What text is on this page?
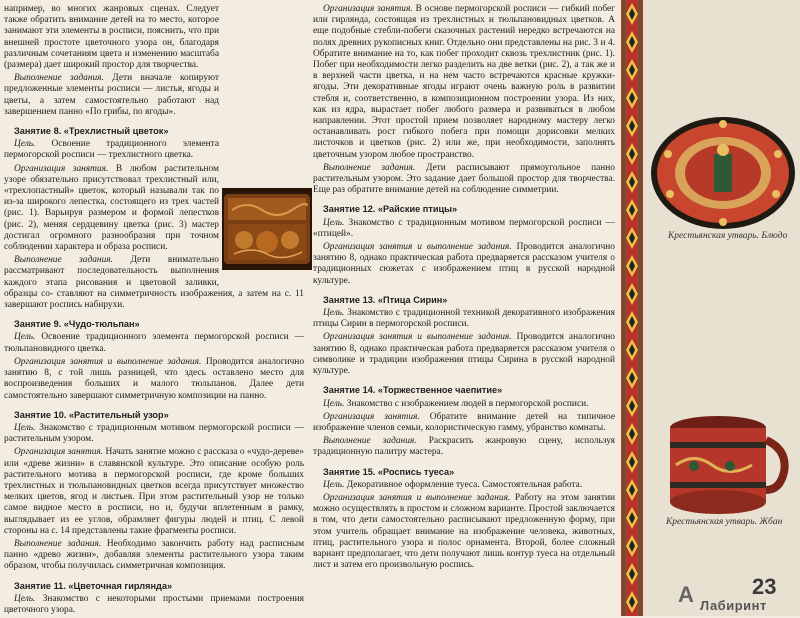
например, во многих жанровых сценах. Следует также обратить внимание детей на то место, которое занимают эти элементы в росписи, пояснить, что при внешней простоте цветочного узора он, благодаря различным сочетаниям цвета и изменению масштаба (размера) дает широкий простор для творчества.

Выполнение задания. Дети вначале копируют предложенные элементы росписи — листья, ягоды и цветы, а затем самостоятельно работают над завершением панно «По грибы, по ягоды».

Занятие 8. «Трехлистный цветок»

Цель. Освоение традиционного элемента пермогорской росписи — трехлистного цветка.

Организация занятия. В любом растительном узоре обязательно присутствовал трехлистный или, «трехлопастный» цветок, который называли так по из-за широкого лепестка, состоящего из трех частей (рис. 1). Варьируя размером и формой лепестков (рис. 2), меняя сердцевину цветка (рис. 3) мастер достигал огромного разнообразия при точном соблюдении характера и образа росписи.

Выполнение задания. Дети внимательно рассматривают последовательность выполнения каждого этапа рисования и цветовой заливки, образцы со- ставляют на симметричность изображения, а затем на с. 11 завершают роспись набирухи.

Занятие 9. «Чудо-тюльпан»

Цель. Освоение традиционного элемента пермогорской росписи — тюльпановидного цветка.

Организация занятия и выполнение задания. Проводится аналогично занятию 8, с той лишь разницей, что здесь оставлено место для воспроизведения больших и малого тюльпанов. Далее дети самостоятельно завершают симметричную композиции на панно.

Занятие 10. «Растительный узор»

Цель. Знакомство с традиционным мотивом пермогорской росписи — растительным узором.

Организация занятия. Начать занятие можно с рассказа о «чудо-дереве» или «древе жизни» в славянской культуре. Это описание особую роль растительного мотива в пермогорской росписи, где кроме больших трехлистных и тюльпановидных цветков всегда присутствует множество мелких цветов, ягод и листьев. При этом растительный узор не только самое видное место в росписи, но и, будучи вплетенным в рамку, выглядывает из ее углов, обрамляет фигуры людей и птиц. С левой стороны на с. 14 представлены такие фрагменты росписи.

Выполнение задания. Необходимо закончить работу над расписным панно «древо жизни», добавляя элементы растительного узора таким образом, чтобы получилась симметричная композиция.

Занятие 11. «Цветочная гирлянда»

Цель. Знакомство с некоторыми простыми приемами построения цветочного узора.

Организация занятия. В основе пермогорской росписи — гибкий побег или гирлянда, состоящая из трехлистных и тюльпановидных цветков. А еще подобные стебли-побеги сказочных растений нередко встречаются на полях древних рукописных книг. Отдельно они представлены на рис. 3 и 4. Обратите внимание на то, как побег проходит сквозь трехлистник (рис. 1). Побег при необходимости легко разделить на две ветки (рис. 2), а так же и в верхней части цветка, и на нем часто встречаются красные кружки-ягоды. Эти декоративные ягоды играют очень важную роль в развитии стебля и, соответственно, в композиционном построении узора. Из них, как из ядра, вырастает побег любого размера и развиваться в любом направлении. Этот простой прием позволяет народному мастеру легко останавливать рост гибкого побега при помощи дорисовки мелких листочков и цветков (рис. 2) или же, при необходимости, заполнять цветочным узором любое пространство.

Выполнение задания. Дети расписывают прямоугольное панно растительным узором. Это задание дает большой простор для творчества. Еще раз обратите внимание детей на соблюдение симметрии.

Занятие 12. «Райские птицы»

Цель. Знакомство с традиционным мотивом пермогорской росписи — «птицей».

Организация занятия и выполнение задания. Проводится аналогично занятию 8, однако практическая работа предваряется рассказом учителя о традиционных сюжетах с изображением птиц в русской народной культуре.

Занятие 13. «Птица Сирин»

Цель. Знакомство с традиционной техникой декоративного изображения птицы Сирин в пермогорской росписи.

Организация занятия и выполнение задания. Проводится аналогично занятию 8, однако практическая работа предваряется рассказом учителя о символике и традиции изображения птицы Сирина в русской народной культуре.

Занятие 14. «Торжественное чаепитие»

Цель. Знакомство с изображением людей в пермогорской росписи.

Организация занятия. Обратите внимание детей на типичное изображение членов семьи, колористическую гамму, убранство комнаты.

Выполнение задания. Раскрасить жанровую сцену, используя традиционную палитру мастера.

Занятие 15. «Роспись туеса»

Цель. Декоративное оформление туеса. Самостоятельная работа.

Организация занятия и выполнение задания. Работу на этом занятии можно осуществлять в простом и сложном варианте. Простой заключается в том, что дети самостоятельно расписывают предложенную форму, при этом учитель обращает внимание на изображение человека, животных, птиц, растительного узора и полос орнамента. Второй, более сложный вариант предполагает, что дети получают лишь контур туеса на отдельный лист и затем его произвольную роспись.

Крестьянская утварь. Блюдо
Крестьянская утварь. Жбан
23
A Лабиринт
